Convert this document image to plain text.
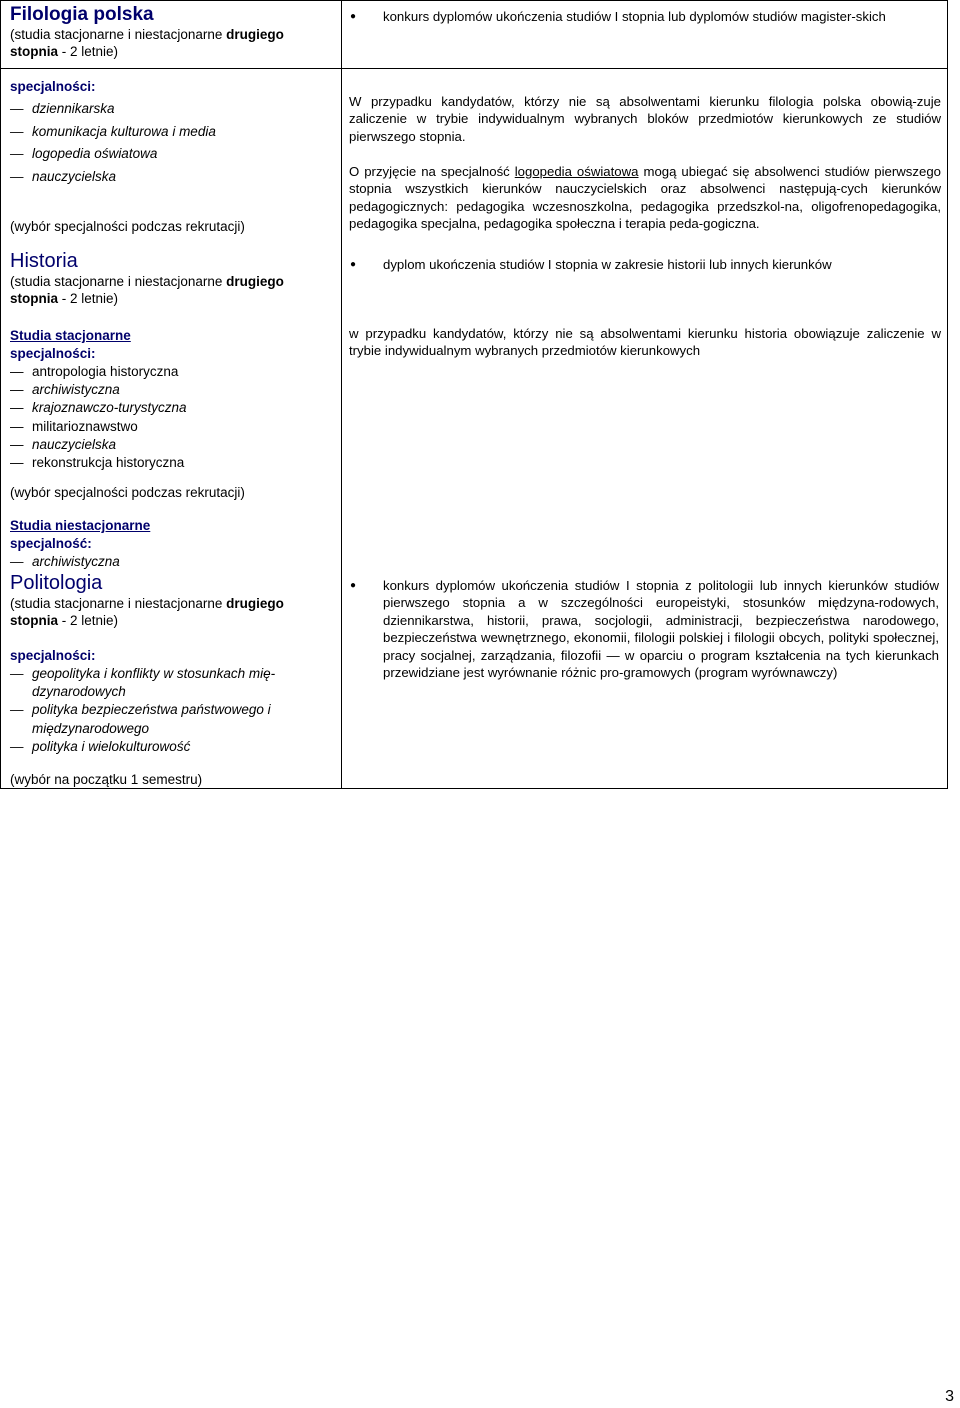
Filologia polska
(studia stacjonarne i niestacjonarne drugiego
stopnia - 2 letnie)
specjalności:
— dziennikarska
— komunikacja kulturowa i media
— logopedia oświatowa
— nauczycielska
(wybór specjalności podczas rekrutacji)
Historia
(studia stacjonarne i niestacjonarne drugiego
stopnia - 2 letnie)
Studia stacjonarne
specjalności:
— antropologia historyczna
— archiwistyczna
— krajoznawczo-turystyczna
— militarioznawstwo
— nauczycielska
— rekonstrukcja historyczna
(wybór specjalności podczas rekrutacji)
Studia niestacjonarne
specjalność:
— archiwistyczna
Politologia
(studia stacjonarne i niestacjonarne drugiego
stopnia - 2 letnie)
specjalności:
— geopolityka i konflikty w stosunkach mię-dzynarodowych
— polityka bezpieczeństwa państwowego i międzynarodowego
— polityka i wielokulturowość
(wybór na początku 1 semestru)
● konkurs dyplomów ukończenia studiów I stopnia lub dyplomów studiów magister-skich
W przypadku kandydatów, którzy nie są absolwentami kierunku filologia polska obowią-zuje zaliczenie w trybie indywidualnym wybranych bloków przedmiotów kierunkowych ze studiów pierwszego stopnia.
O przyjęcie na specjalność logopedia oświatowa mogą ubiegać się absolwenci studiów pierwszego stopnia wszystkich kierunków nauczycielskich oraz absolwenci następują-cych kierunków pedagogicznych: pedagogika wczesnoszkolna, pedagogika przedszkol-na, oligofrenopedagogika, pedagogika specjalna, pedagogika społeczna i terapia peda-gogiczna.
● dyplom ukończenia studiów I stopnia w zakresie historii lub innych kierunków
w przypadku kandydatów, którzy nie są absolwentami kierunku historia obowiązuje zaliczenie w trybie indywidualnym wybranych przedmiotów kierunkowych
● konkurs dyplomów ukończenia studiów I stopnia z politologii lub innych kierunków studiów pierwszego stopnia a w szczególności europeistyki, stosunków międzyna-rodowych, dziennikarstwa, historii, prawa, socjologii, administracji, bezpieczeństwa narodowego, bezpieczeństwa wewnętrznego, ekonomii, filologii polskiej i filologii obcych, polityki społecznej, pracy socjalnej, zarządzania, filozofii — w oparciu o program kształcenia na tych kierunkach przewidziane jest wyrównanie różnic pro-gramowych (program wyrównawczy)
3
